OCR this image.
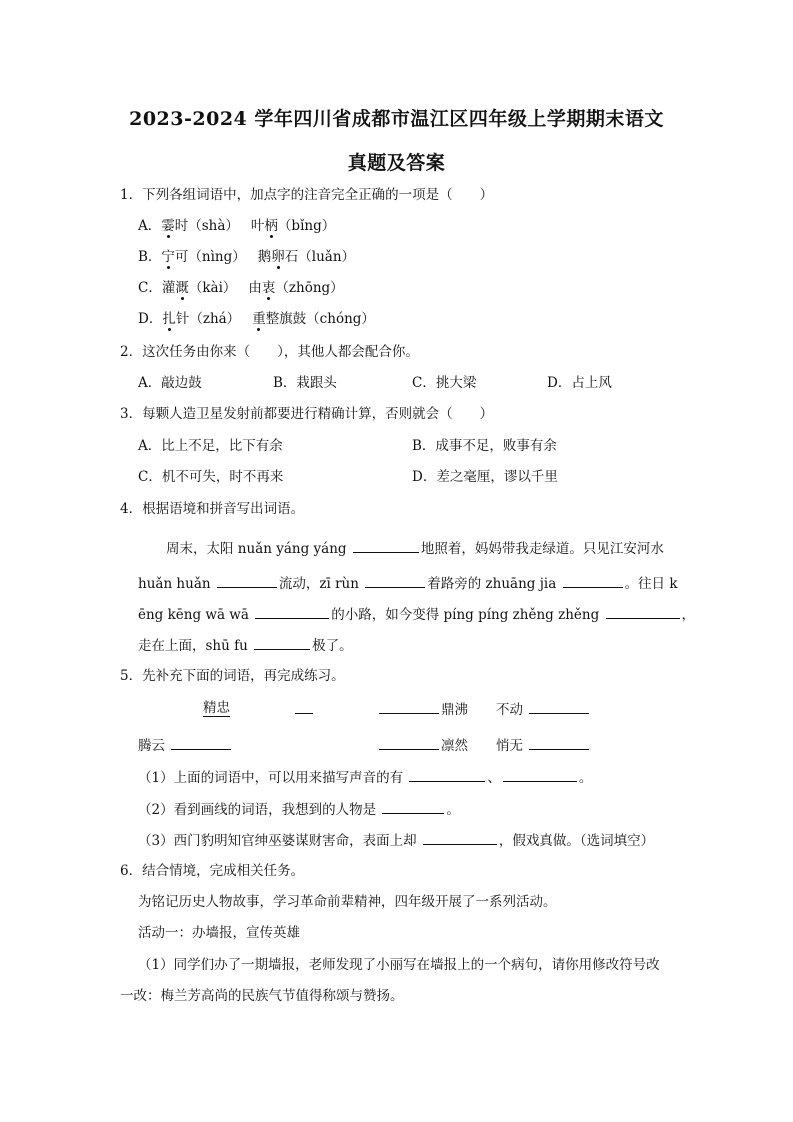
2023-2024 学年四川省成都市温江区四年级上学期期末语文
真题及答案
1．下列各组词语中，加点字的注音完全正确的一项是（　　）
A．霎时（shà） 叶柄（bǐng）
B．宁可（nìng） 鹅卵石（luǎn）
C．灌溉（kài） 由衷（zhōng）
D．扎针（zhá） 重整旗鼓（chóng）
2．这次任务由你来（　　），其他人都会配合你。
A．敲边鼓	B．栽跟头	C．挑大梁	D．占上风
3．每颗人造卫星发射前都要进行精确计算，否则就会（　　）
A．比上不足，比下有余	B．成事不足，败事有余
C．机不可失，时不再来	D．差之毫厘，谬以千里
4．根据语境和拼音写出词语。
周末，太阳 nuǎn yáng yáng	地照着，妈妈带我走绿道。只见江安河水
huǎn huǎn	流动，zī rùn	着路旁的 zhuāng jia	。往日 k
ēng kēng wā wā	的小路，如今变得 píng píng zhěng zhěng	，
走在上面，shū fu	极了。
5．先补充下面的词语，再完成练习。
精忠	鼎沸 不动
腾云	凛然 悄无
（1）上面的词语中，可以用来描写声音的有	、	。
（2）看到画线的词语，我想到的人物是	。
（3）西门豹明知官绅巫婆谋财害命，表面上却	，假戏真做。（选词填空）
6．结合情境，完成相关任务。
为铭记历史人物故事，学习革命前辈精神，四年级开展了一系列活动。
活动一：办墙报，宣传英雄
（1）同学们办了一期墙报，老师发现了小丽写在墙报上的一个病句，请你用修改符号改
一改：梅兰芳高尚的民族气节值得称颂与赞扬。
